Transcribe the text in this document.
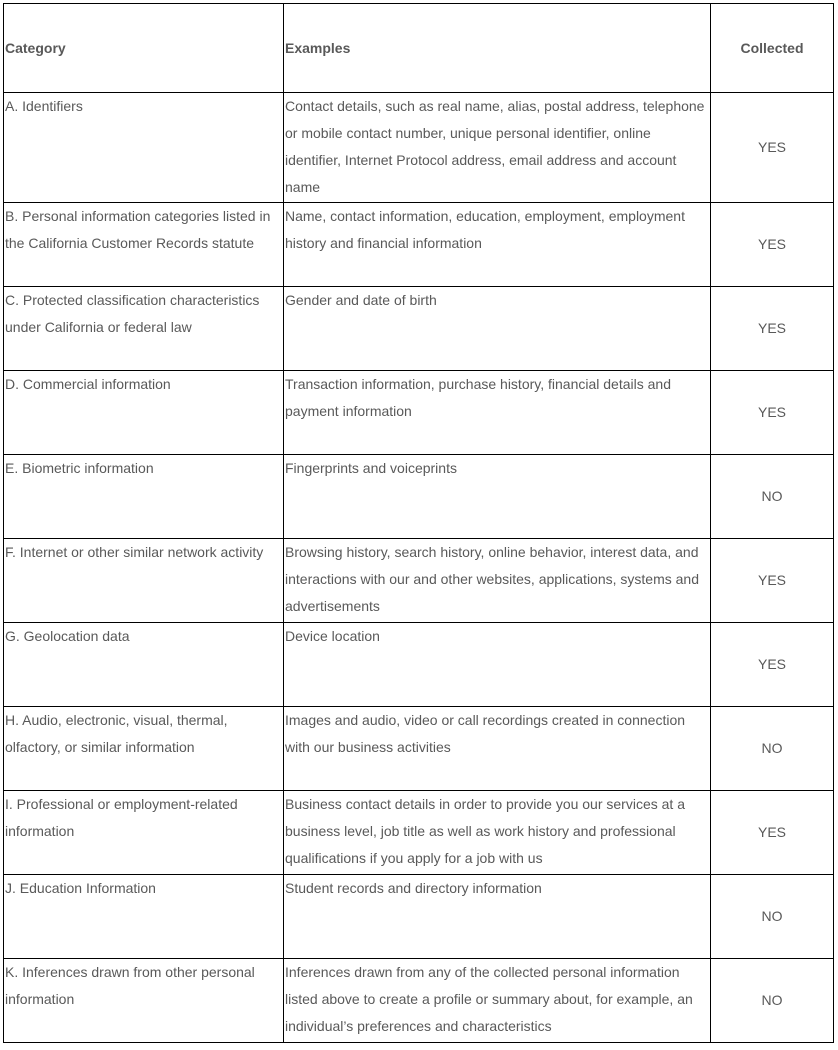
Category	Examples	Collected
A. Identifiers	Contact details, such as real name, alias, postal address, telephone or mobile contact number, unique personal identifier, online identifier, Internet Protocol address, email address and account name	YES
B. Personal information categories listed in the California Customer Records statute	Name, contact information, education, employment, employment history and financial information	YES
C. Protected classification characteristics under California or federal law	Gender and date of birth	YES
D. Commercial information	Transaction information, purchase history, financial details and payment information	YES
E. Biometric information	Fingerprints and voiceprints	NO
F. Internet or other similar network activity	Browsing history, search history, online behavior, interest data, and interactions with our and other websites, applications, systems and advertisements	YES
G. Geolocation data	Device location	YES
H. Audio, electronic, visual, thermal, olfactory, or similar information	Images and audio, video or call recordings created in connection with our business activities	NO
I. Professional or employment-related information	Business contact details in order to provide you our services at a business level, job title as well as work history and professional qualifications if you apply for a job with us	YES
J. Education Information	Student records and directory information	NO
K. Inferences drawn from other personal information	Inferences drawn from any of the collected personal information listed above to create a profile or summary about, for example, an individual’s preferences and characteristics	NO
